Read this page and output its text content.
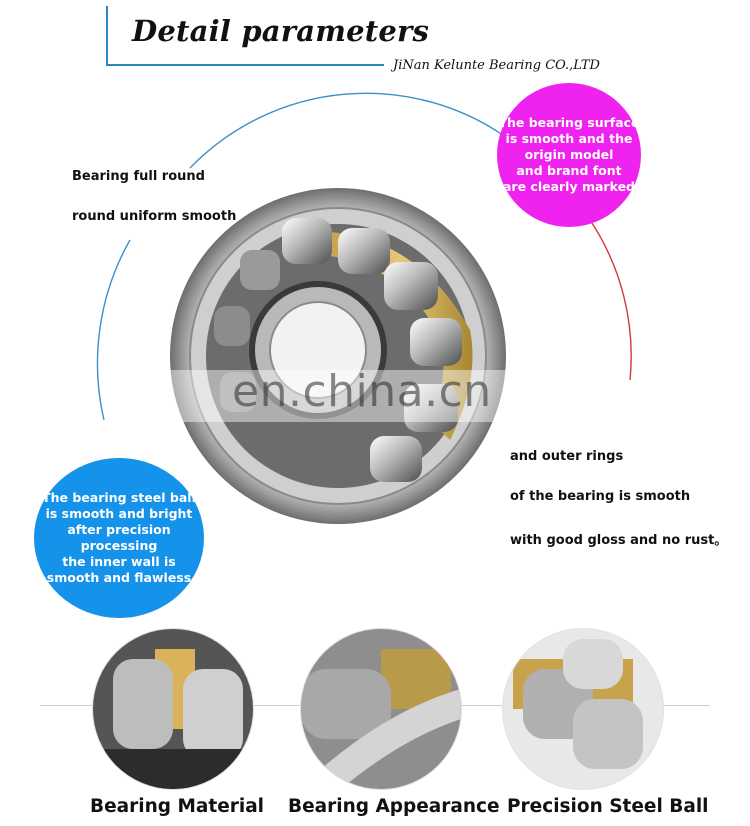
Detail parameters
JiNan Kelunte Bearing CO.,LTD
en.china.cn
Bearing full round
round uniform smooth
The bearing surface
is smooth and the
origin model
and brand font
are clearly marked
and outer rings
of the bearing is smooth
with good gloss and no rust。
The bearing steel ball
is smooth and bright
after precision processing
the inner wall is
smooth and flawless
Bearing Material Bearing Appearance Precision Steel Ball
